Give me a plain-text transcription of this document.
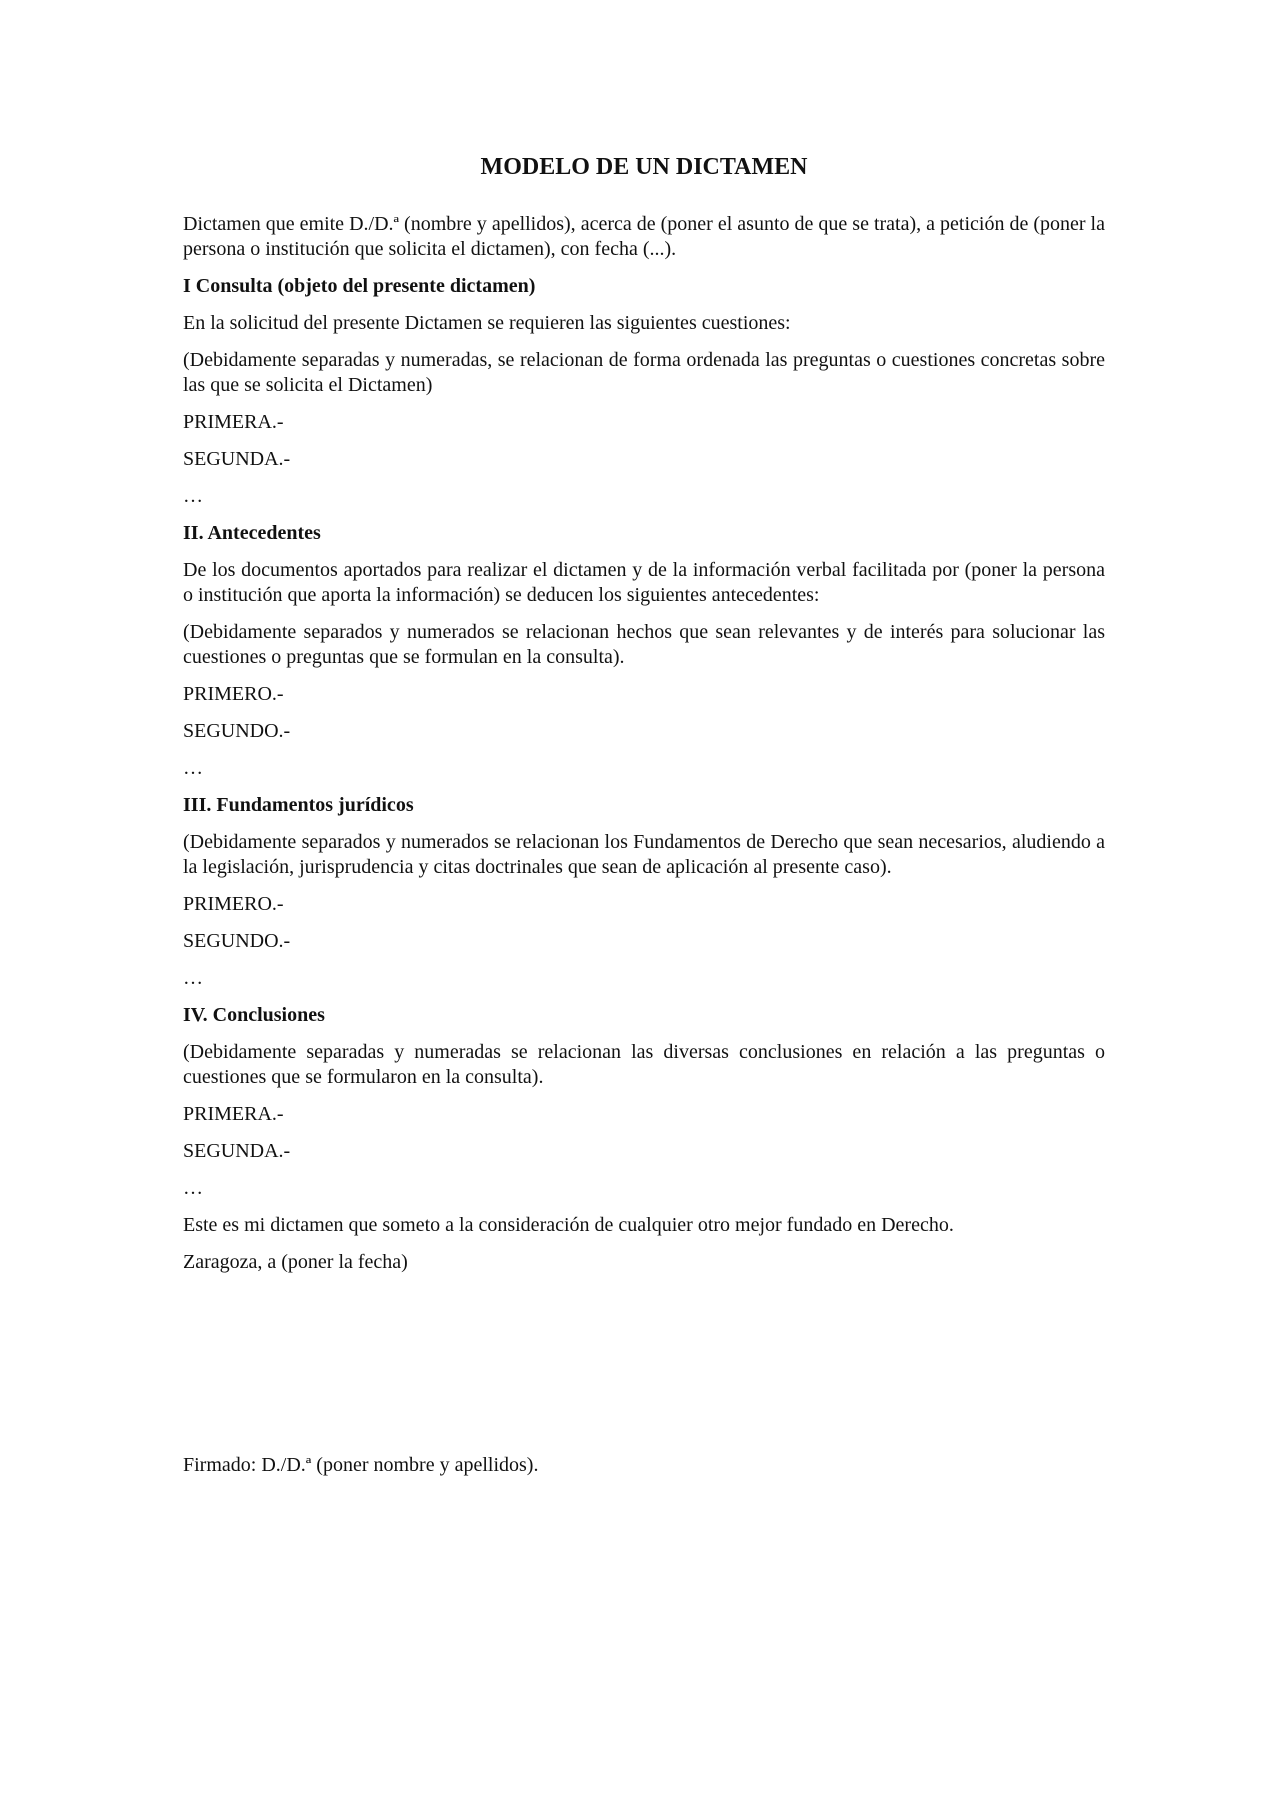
MODELO DE UN DICTAMEN
Dictamen que emite D./D.ª (nombre y apellidos), acerca de (poner el asunto de que se trata), a petición de (poner la persona o institución que solicita el dictamen), con fecha (...).
I Consulta (objeto del presente dictamen)
En la solicitud del presente Dictamen se requieren las siguientes cuestiones:
(Debidamente separadas y numeradas, se relacionan de forma ordenada las preguntas o cuestiones concretas sobre las que se solicita el Dictamen)
PRIMERA.-
SEGUNDA.-
…
II. Antecedentes
De los documentos aportados para realizar el dictamen y de la información verbal facilitada por (poner la persona o institución que aporta la información) se deducen los siguientes antecedentes:
(Debidamente separados y numerados se relacionan hechos que sean relevantes y de interés para solucionar las cuestiones o preguntas que se formulan en la consulta).
PRIMERO.-
SEGUNDO.-
…
III. Fundamentos jurídicos
(Debidamente separados y numerados se relacionan los Fundamentos de Derecho que sean necesarios, aludiendo a la legislación, jurisprudencia y citas doctrinales que sean de aplicación al presente caso).
PRIMERO.-
SEGUNDO.-
…
IV. Conclusiones
(Debidamente separadas y numeradas se relacionan las diversas conclusiones en relación a las preguntas o cuestiones que se formularon en la consulta).
PRIMERA.-
SEGUNDA.-
…
Este es mi dictamen que someto a la consideración de cualquier otro mejor fundado en Derecho.
Zaragoza, a (poner la fecha)
Firmado: D./D.ª (poner nombre y apellidos).
